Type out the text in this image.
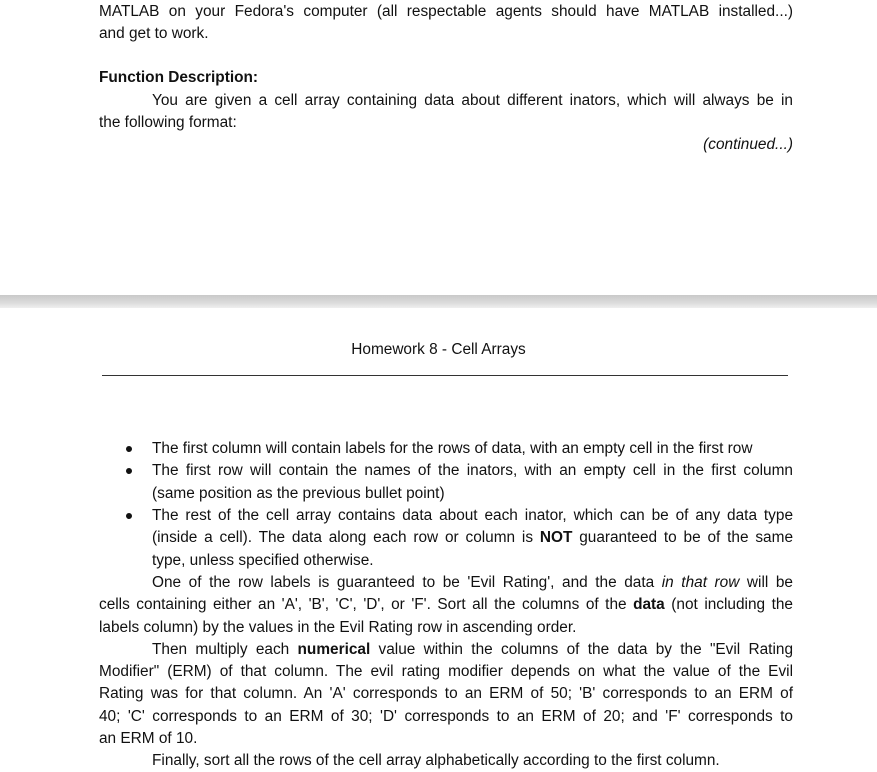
MATLAB on your Fedora's computer (all respectable agents should have MATLAB installed...)
and get to work.
Function Description:
You are given a cell array containing data about different inators, which will always be in
the following format:
(continued...)
Homework 8 - Cell Arrays
The first column will contain labels for the rows of data, with an empty cell in the first row
The first row will contain the names of the inators, with an empty cell in the first column
(same position as the previous bullet point)
The rest of the cell array contains data about each inator, which can be of any data type
(inside a cell). The data along each row or column is NOT guaranteed to be of the same
type, unless specified otherwise.
One of the row labels is guaranteed to be 'Evil Rating', and the data in that row will be
cells containing either an 'A', 'B', 'C', 'D', or 'F'. Sort all the columns of the data (not including the
labels column) by the values in the Evil Rating row in ascending order.
Then multiply each numerical value within the columns of the data by the "Evil Rating
Modifier" (ERM) of that column. The evil rating modifier depends on what the value of the Evil
Rating was for that column. An 'A' corresponds to an ERM of 50; 'B' corresponds to an ERM of
40; 'C' corresponds to an ERM of 30; 'D' corresponds to an ERM of 20; and 'F' corresponds to
an ERM of 10.
Finally, sort all the rows of the cell array alphabetically according to the first column.
